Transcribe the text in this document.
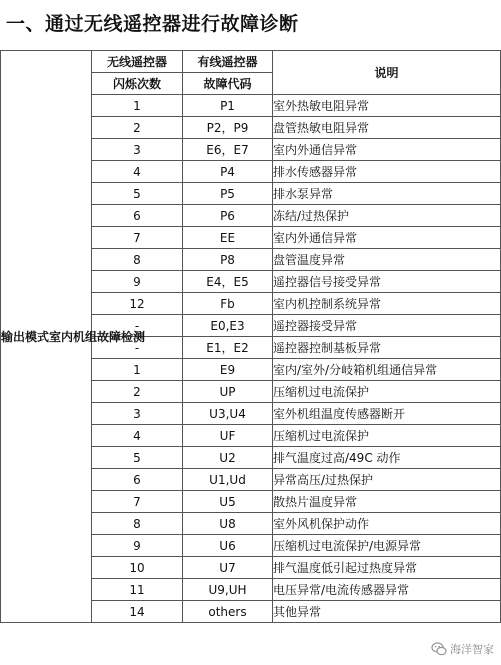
一、通过无线遥控器进行故障诊断
输出模式室内机组故障检测	无线遥控器	有线遥控器	说明
	闪烁次数	故障代码	
	1	P1	室外热敏电阻异常
	2	P2，P9	盘管热敏电阻异常
	3	E6，E7	室内外通信异常
	4	P4	排水传感器异常
	5	P5	排水泵异常
	6	P6	冻结/过热保护
	7	EE	室内外通信异常
	8	P8	盘管温度异常
	9	E4，E5	遥控器信号接受异常
	12	Fb	室内机控制系统异常
	-	E0,E3	遥控器接受异常
	-	E1，E2	遥控器控制基板异常
	1	E9	室内/室外/分岐箱机组通信异常
	2	UP	压缩机过电流保护
	3	U3,U4	室外机组温度传感器断开
	4	UF	压缩机过电流保护
	5	U2	排气温度过高/49C 动作
	6	U1,Ud	异常高压/过热保护
	7	U5	散热片温度异常
	8	U8	室外风机保护动作
	9	U6	压缩机过电流保护/电源异常
	10	U7	排气温度低引起过热度异常
	11	U9,UH	电压异常/电流传感器异常
	14	others	其他异常
海洋智家
